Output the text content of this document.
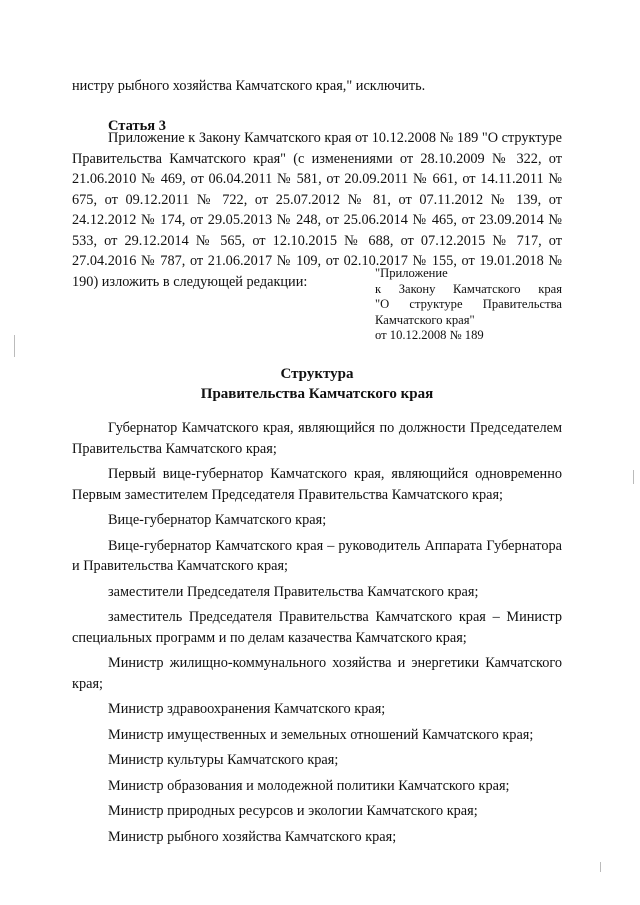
нистру рыбного хозяйства Камчатского края," исключить.
Статья 3

Приложение к Закону Камчатского края от 10.12.2008 № 189 "О структуре Правительства Камчатского края" (с изменениями от 28.10.2009 № 322, от 21.06.2010 № 469, от 06.04.2011 № 581, от 20.09.2011 № 661, от 14.11.2011 № 675, от 09.12.2011 № 722, от 25.07.2012 № 81, от 07.11.2012 № 139, от 24.12.2012 № 174, от 29.05.2013 № 248, от 25.06.2014 № 465, от 23.09.2014 № 533, от 29.12.2014 № 565, от 12.10.2015 № 688, от 07.12.2015 № 717, от 27.04.2016 № 787, от 21.06.2017 № 109, от 02.10.2017 № 155, от 19.01.2018 № 190) изложить в следующей редакции:

"Приложение
к Закону Камчатского края
"О структуре Правительства
Камчатского края"
от 10.12.2008 № 189
Структура
Правительства Камчатского края

Губернатор Камчатского края, являющийся по должности Председателем Правительства Камчатского края;

Первый вице-губернатор Камчатского края, являющийся одновременно Первым заместителем Председателя Правительства Камчатского края;

Вице-губернатор Камчатского края;

Вице-губернатор Камчатского края – руководитель Аппарата Губернатора и Правительства Камчатского края;

заместители Председателя Правительства Камчатского края;

заместитель Председателя Правительства Камчатского края – Министр специальных программ и по делам казачества Камчатского края;

Министр жилищно-коммунального хозяйства и энергетики Камчатского края;

Министр здравоохранения Камчатского края;

Министр имущественных и земельных отношений Камчатского края;

Министр культуры Камчатского края;

Министр образования и молодежной политики Камчатского края;

Министр природных ресурсов и экологии Камчатского края;

Министр рыбного хозяйства Камчатского края;
